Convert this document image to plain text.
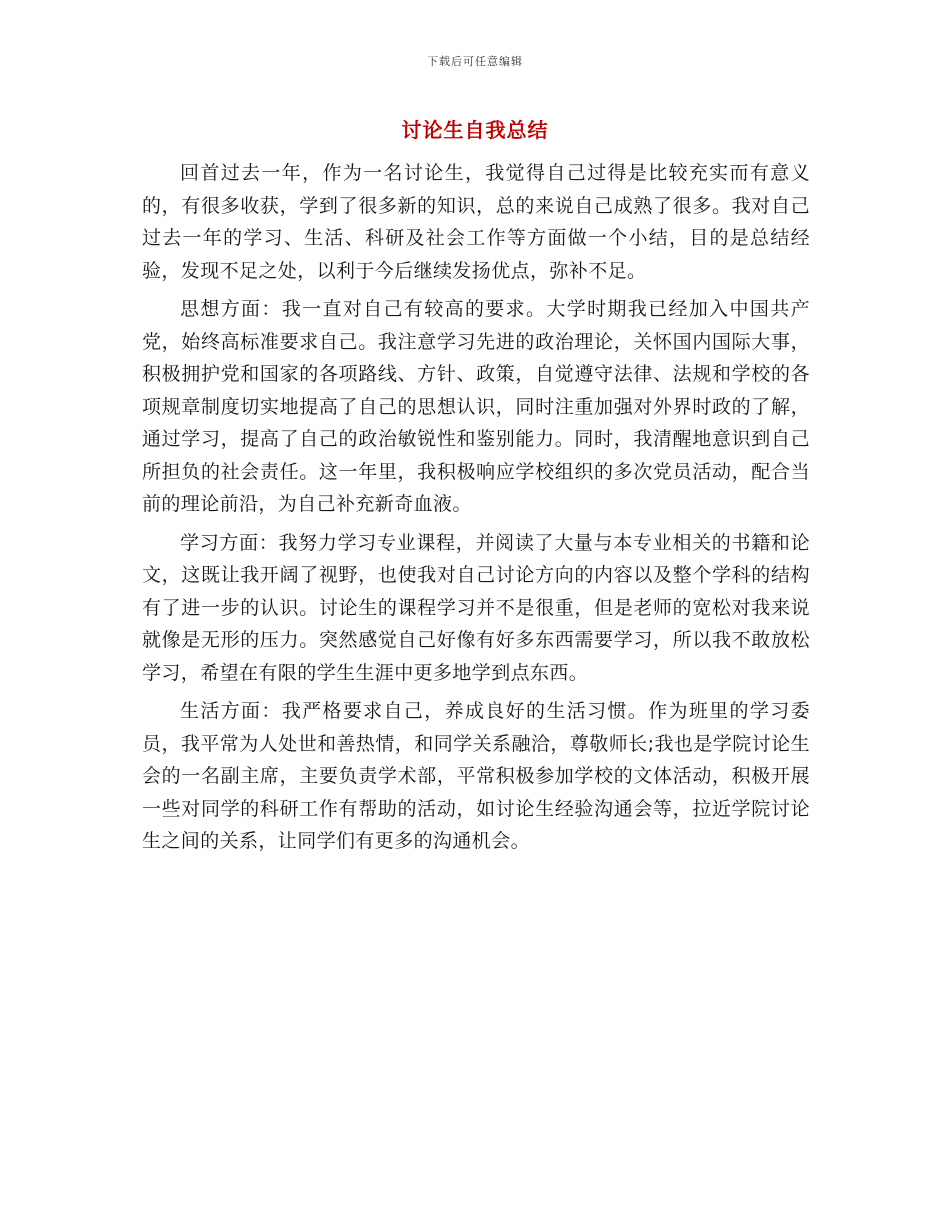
下载后可任意编辑
讨论生自我总结

回首过去一年，作为一名讨论生，我觉得自己过得是比较充实而有意义的，有很多收获，学到了很多新的知识，总的来说自己成熟了很多。我对自己过去一年的学习、生活、科研及社会工作等方面做一个小结，目的是总结经验，发现不足之处，以利于今后继续发扬优点，弥补不足。

思想方面：我一直对自己有较高的要求。大学时期我已经加入中国共产党，始终高标准要求自己。我注意学习先进的政治理论，关怀国内国际大事，积极拥护党和国家的各项路线、方针、政策，自觉遵守法律、法规和学校的各项规章制度切实地提高了自己的思想认识，同时注重加强对外界时政的了解，通过学习，提高了自己的政治敏锐性和鉴别能力。同时，我清醒地意识到自己所担负的社会责任。这一年里，我积极响应学校组织的多次党员活动，配合当前的理论前沿，为自己补充新奇血液。

学习方面：我努力学习专业课程，并阅读了大量与本专业相关的书籍和论文，这既让我开阔了视野，也使我对自己讨论方向的内容以及整个学科的结构有了进一步的认识。讨论生的课程学习并不是很重，但是老师的宽松对我来说就像是无形的压力。突然感觉自己好像有好多东西需要学习，所以我不敢放松学习，希望在有限的学生生涯中更多地学到点东西。

生活方面：我严格要求自己，养成良好的生活习惯。作为班里的学习委员，我平常为人处世和善热情，和同学关系融洽，尊敬师长;我也是学院讨论生会的一名副主席，主要负责学术部，平常积极参加学校的文体活动，积极开展一些对同学的科研工作有帮助的活动，如讨论生经验沟通会等，拉近学院讨论生之间的关系，让同学们有更多的沟通机会。
